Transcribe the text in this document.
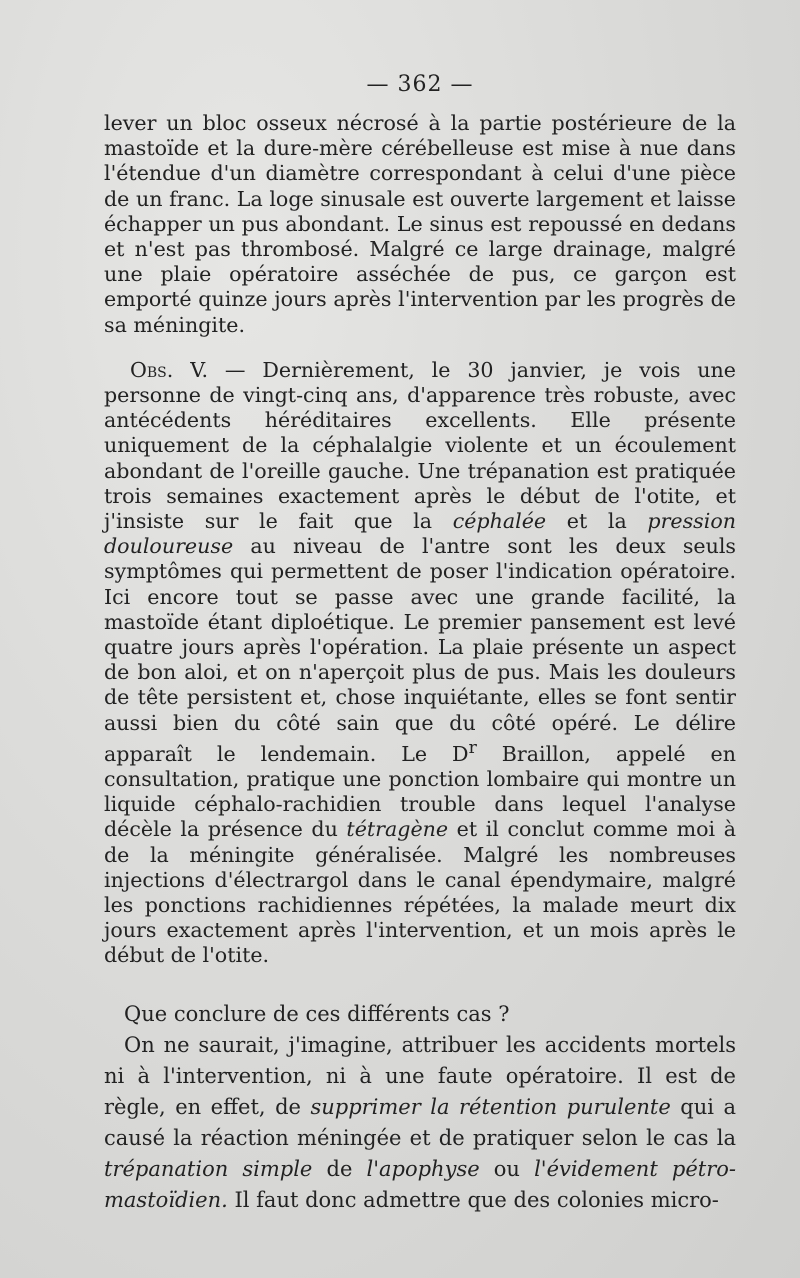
— 362 —

lever un bloc osseux nécrosé à la partie postérieure de la mastoïde et la dure-mère cérébelleuse est mise à nue dans l'étendue d'un diamètre correspondant à celui d'une pièce de un franc. La loge sinusale est ouverte largement et laisse échapper un pus abondant. Le sinus est repoussé en dedans et n'est pas thrombosé. Malgré ce large drainage, malgré une plaie opératoire asséchée de pus, ce garçon est emporté quinze jours après l'intervention par les progrès de sa méningite.

Obs. V. — Dernièrement, le 30 janvier, je vois une personne de vingt-cinq ans, d'apparence très robuste, avec antécédents héréditaires excellents. Elle présente uniquement de la céphalalgie violente et un écoulement abondant de l'oreille gauche. Une trépanation est pratiquée trois semaines exactement après le début de l'otite, et j'insiste sur le fait que la céphalée et la pression douloureuse au niveau de l'antre sont les deux seuls symptômes qui permettent de poser l'indication opératoire. Ici encore tout se passe avec une grande facilité, la mastoïde étant diploétique. Le premier pansement est levé quatre jours après l'opération. La plaie présente un aspect de bon aloi, et on n'aperçoit plus de pus. Mais les douleurs de tête persistent et, chose inquiétante, elles se font sentir aussi bien du côté sain que du côté opéré. Le délire apparaît le lendemain. Le $D^r$ Braillon, appelé en consultation, pratique une ponction lombaire qui montre un liquide céphalo-rachidien trouble dans lequel l'analyse décèle la présence du tétragène et il conclut comme moi à de la méningite généralisée. Malgré les nombreuses injections d'électrargol dans le canal épendymaire, malgré les ponctions rachidiennes répétées, la malade meurt dix jours exactement après l'intervention, et un mois après le début de l'otite.

Que conclure de ces différents cas ?

On ne saurait, j'imagine, attribuer les accidents mortels ni à l'intervention, ni à une faute opératoire. Il est de règle, en effet, de supprimer la rétention purulente qui a causé la réaction méningée et de pratiquer selon le cas la trépanation simple de l'apophyse ou l'évidement pétro-mastoïdien. Il faut donc admettre que des colonies micro-
